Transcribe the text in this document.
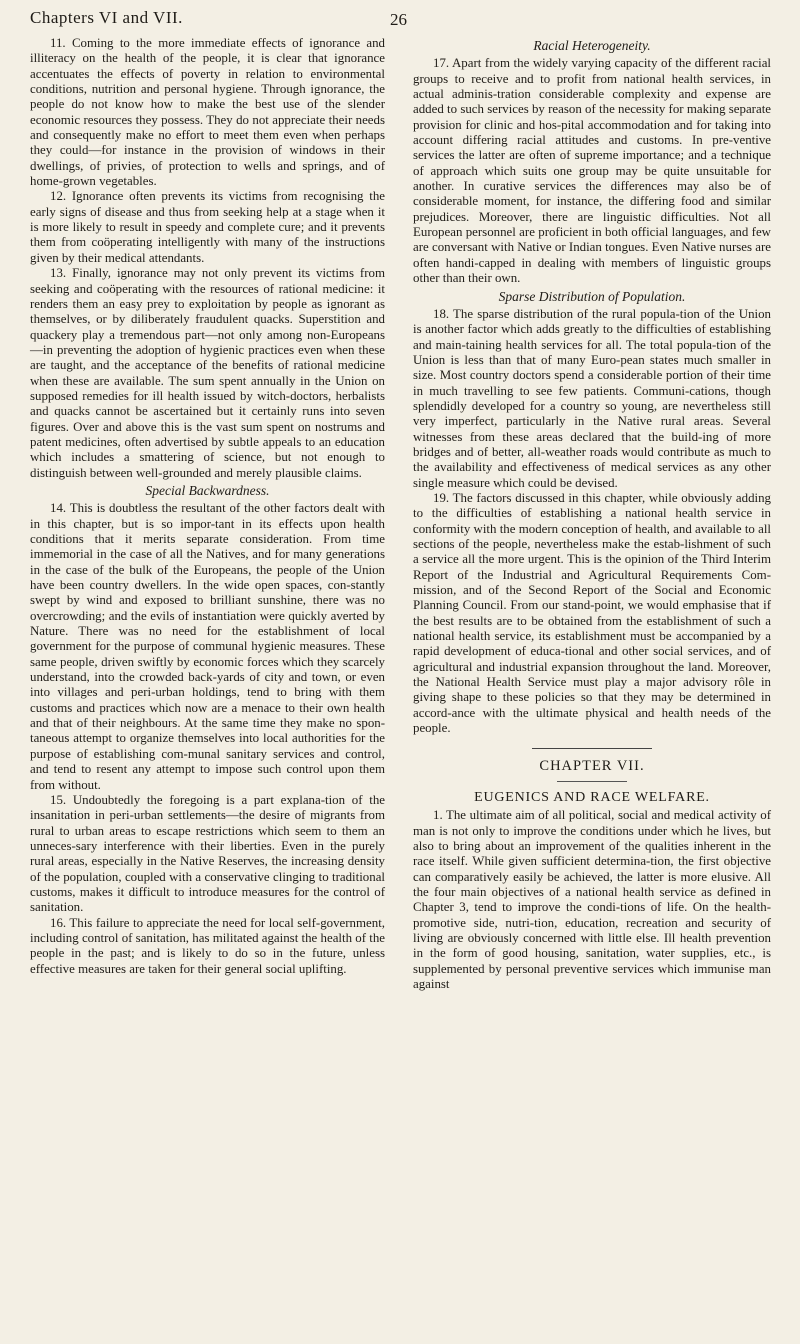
Chapters VI and VII.	26

11. Coming to the more immediate effects of ignorance and illiteracy on the health of the people, it is clear that ignorance accentuates the effects of poverty in relation to environmental conditions, nutrition and personal hygiene. Through ignorance, the people do not know how to make the best use of the slender economic resources they possess. They do not appreciate their needs and consequently make no effort to meet them even when perhaps they could—for instance in the provision of windows in their dwellings, of privies, of protection to wells and springs, and of home-grown vegetables.

12. Ignorance often prevents its victims from recognising the early signs of disease and thus from seeking help at a stage when it is more likely to result in speedy and complete cure; and it prevents them from coöperating intelligently with many of the instructions given by their medical attendants.

13. Finally, ignorance may not only prevent its victims from seeking and coöperating with the resources of rational medicine: it renders them an easy prey to exploitation by people as ignorant as themselves, or by diliberately fraudulent quacks. Superstition and quackery play a tremendous part—not only among non-Europeans—in preventing the adoption of hygienic practices even when these are taught, and the acceptance of the benefits of rational medicine when these are available. The sum spent annually in the Union on supposed remedies for ill health issued by witch-doctors, herbalists and quacks cannot be ascertained but it certainly runs into seven figures. Over and above this is the vast sum spent on nostrums and patent medicines, often advertised by subtle appeals to an education which includes a smattering of science, but not enough to distinguish between well-grounded and merely plausible claims.

Special Backwardness.

14. This is doubtless the resultant of the other factors dealt with in this chapter, but is so impor-tant in its effects upon health conditions that it merits separate consideration. From time immemorial in the case of all the Natives, and for many generations in the case of the bulk of the Europeans, the people of the Union have been country dwellers. In the wide open spaces, con-stantly swept by wind and exposed to brilliant sunshine, there was no overcrowding; and the evils of instantiation were quickly averted by Nature. There was no need for the establishment of local government for the purpose of communal hygienic measures. These same people, driven swiftly by economic forces which they scarcely understand, into the crowded back-yards of city and town, or even into villages and peri-urban holdings, tend to bring with them customs and practices which now are a menace to their own health and that of their neighbours. At the same time they make no spon-taneous attempt to organize themselves into local authorities for the purpose of establishing com-munal sanitary services and control, and tend to resent any attempt to impose such control upon them from without.

15. Undoubtedly the foregoing is a part explana-tion of the insanitation in peri-urban settlements—the desire of migrants from rural to urban areas to escape restrictions which seem to them an unneces-sary interference with their liberties. Even in the purely rural areas, especially in the Native Reserves, the increasing density of the population, coupled with a conservative clinging to traditional customs, makes it difficult to introduce measures for the control of sanitation.

16. This failure to appreciate the need for local self-government, including control of sanitation, has militated against the health of the people in the past; and is likely to do so in the future, unless effective measures are taken for their general social uplifting.

Racial Heterogeneity.

17. Apart from the widely varying capacity of the different racial groups to receive and to profit from national health services, in actual adminis-tration considerable complexity and expense are added to such services by reason of the necessity for making separate provision for clinic and hos-pital accommodation and for taking into account differing racial attitudes and customs. In pre-ventive services the latter are often of supreme importance; and a technique of approach which suits one group may be quite unsuitable for another. In curative services the differences may also be of considerable moment, for instance, the differing food and similar prejudices. Moreover, there are linguistic difficulties. Not all European personnel are proficient in both official languages, and few are conversant with Native or Indian tongues. Even Native nurses are often handi-capped in dealing with members of linguistic groups other than their own.

Sparse Distribution of Population.

18. The sparse distribution of the rural popula-tion of the Union is another factor which adds greatly to the difficulties of establishing and main-taining health services for all. The total popula-tion of the Union is less than that of many Euro-pean states much smaller in size. Most country doctors spend a considerable portion of their time in much travelling to see few patients. Communi-cations, though splendidly developed for a country so young, are nevertheless still very imperfect, particularly in the Native rural areas. Several witnesses from these areas declared that the build-ing of more bridges and of better, all-weather roads would contribute as much to the availability and effectiveness of medical services as any other single measure which could be devised.

19. The factors discussed in this chapter, while obviously adding to the difficulties of establishing a national health service in conformity with the modern conception of health, and available to all sections of the people, nevertheless make the estab-lishment of such a service all the more urgent. This is the opinion of the Third Interim Report of the Industrial and Agricultural Requirements Com-mission, and of the Second Report of the Social and Economic Planning Council. From our stand-point, we would emphasise that if the best results are to be obtained from the establishment of such a national health service, its establishment must be accompanied by a rapid development of educa-tional and other social services, and of agricultural and industrial expansion throughout the land. Moreover, the National Health Service must play a major advisory rôle in giving shape to these policies so that they may be determined in accord-ance with the ultimate physical and health needs of the people.

CHAPTER VII.
EUGENICS AND RACE WELFARE.

1. The ultimate aim of all political, social and medical activity of man is not only to improve the conditions under which he lives, but also to bring about an improvement of the qualities inherent in the race itself. While given sufficient determina-tion, the first objective can comparatively easily be achieved, the latter is more elusive. All the four main objectives of a national health service as defined in Chapter 3, tend to improve the condi-tions of life. On the health-promotive side, nutri-tion, education, recreation and security of living are obviously concerned with little else. Ill health prevention in the form of good housing, sanitation, water supplies, etc., is supplemented by personal preventive services which immunise man against
